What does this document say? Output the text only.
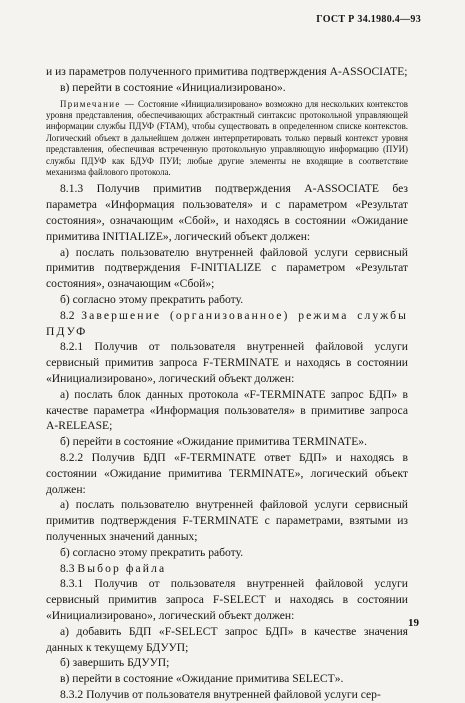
ГОСТ Р 34.1980.4—93

и из параметров полученного примитива подтверждения A-ASSOCIATE;

в) перейти в состояние «Инициализировано».

Примечание — Состояние «Инициализировано» возможно для нескольких контекстов уровня представления, обеспечивающих абстрактный синтаксис протокольной управляющей информации службы ПДУФ (FTAM), чтобы существовать в определенном списке контекстов. Логический объект в дальнейшем должен интерпретировать только первый контекст уровня представления, обеспечивая встреченную протокольную управляющую информацию (ПУИ) службы ПДУФ как БДУФ ПУИ; любые другие элементы не входящие в соответствие механизма файлового протокола.

8.1.3 Получив примитив подтверждения A-ASSOCIATE без параметра «Информация пользователя» и с параметром «Результат состояния», означающим «Сбой», и находясь в состоянии «Ожидание примитива INITIALIZE», логический объект должен:

а) послать пользователю внутренней файловой услуги сервисный примитив подтверждения F-INITIALIZE с параметром «Результат состояния», означающим «Сбой»;

б) согласно этому прекратить работу.

8.2 Завершение (организованное) режима службы ПДУФ

8.2.1 Получив от пользователя внутренней файловой услуги сервисный примитив запроса F-TERMINATE и находясь в состоянии «Инициализировано», логический объект должен:

а) послать блок данных протокола «F-TERMINATE запрос БДП» в качестве параметра «Информация пользователя» в примитиве запроса A-RELEASE;

б) перейти в состояние «Ожидание примитива TERMINATE».

8.2.2 Получив БДП «F-TERMINATE ответ БДП» и находясь в состоянии «Ожидание примитива TERMINATE», логический объект должен:

а) послать пользователю внутренней файловой услуги сервисный примитив подтверждения F-TERMINATE с параметрами, взятыми из полученных значений данных;

б) согласно этому прекратить работу.

8.3 Выбор файла

8.3.1 Получив от пользователя внутренней файловой услуги сервисный примитив запроса F-SELECT и находясь в состоянии «Инициализировано», логический объект должен:

а) добавить БДП «F-SELECT запрос БДП» в качестве значения данных к текущему БДУУП;

б) завершить БДУУП;

в) перейти в состояние «Ожидание примитива SELECT».

8.3.2 Получив от пользователя внутренней файловой услуги сер-

19
